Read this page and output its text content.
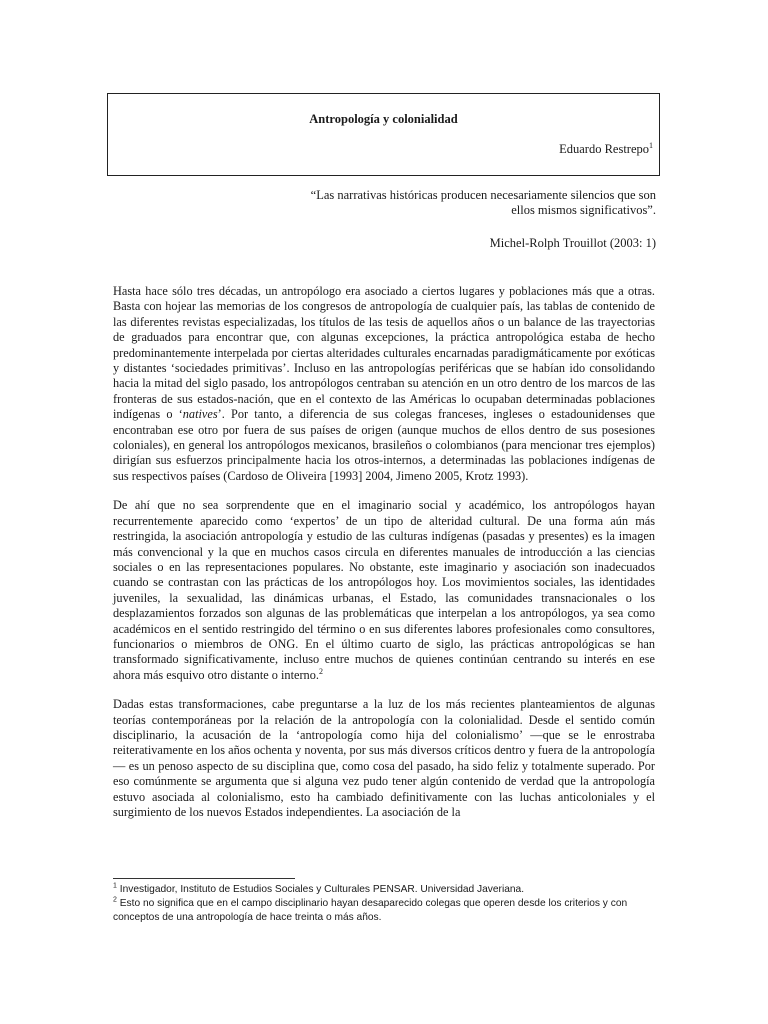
Antropología y colonialidad
Eduardo Restrepo$^1$
“Las narrativas históricas producen necesariamente silencios que son ellos mismos significativos”.
Michel-Rolph Trouillot (2003: 1)

Hasta hace sólo tres décadas, un antropólogo era asociado a ciertos lugares y poblaciones más que a otras. Basta con hojear las memorias de los congresos de antropología de cualquier país, las tablas de contenido de las diferentes revistas especializadas, los títulos de las tesis de aquellos años o un balance de las trayectorias de graduados para encontrar que, con algunas excepciones, la práctica antropológica estaba de hecho predominantemente interpelada por ciertas alteridades culturales encarnadas paradigmáticamente por exóticas y distantes ‘sociedades primitivas’. Incluso en las antropologías periféricas que se habían ido consolidando hacia la mitad del siglo pasado, los antropólogos centraban su atención en un otro dentro de los marcos de las fronteras de sus estados-nación, que en el contexto de las Américas lo ocupaban determinadas poblaciones indígenas o ‘natives’. Por tanto, a diferencia de sus colegas franceses, ingleses o estadounidenses que encontraban ese otro por fuera de sus países de origen (aunque muchos de ellos dentro de sus posesiones coloniales), en general los antropólogos mexicanos, brasileños o colombianos (para mencionar tres ejemplos) dirigían sus esfuerzos principalmente hacia los otros-internos, a determinadas las poblaciones indígenas de sus respectivos países (Cardoso de Oliveira [1993] 2004, Jimeno 2005, Krotz 1993).

De ahí que no sea sorprendente que en el imaginario social y académico, los antropólogos hayan recurrentemente aparecido como ‘expertos’ de un tipo de alteridad cultural. De una forma aún más restringida, la asociación antropología y estudio de las culturas indígenas (pasadas y presentes) es la imagen más convencional y la que en muchos casos circula en diferentes manuales de introducción a las ciencias sociales o en las representaciones populares. No obstante, este imaginario y asociación son inadecuados cuando se contrastan con las prácticas de los antropólogos hoy. Los movimientos sociales, las identidades juveniles, la sexualidad, las dinámicas urbanas, el Estado, las comunidades transnacionales o los desplazamientos forzados son algunas de las problemáticas que interpelan a los antropólogos, ya sea como académicos en el sentido restringido del término o en sus diferentes labores profesionales como consultores, funcionarios o miembros de ONG. En el último cuarto de siglo, las prácticas antropológicas se han transformado significativamente, incluso entre muchos de quienes continúan centrando su interés en ese ahora más esquivo otro distante o interno.$^2$

Dadas estas transformaciones, cabe preguntarse a la luz de los más recientes planteamientos de algunas teorías contemporáneas por la relación de la antropología con la colonialidad. Desde el sentido común disciplinario, la acusación de la ‘antropología como hija del colonialismo’ —que se le enrostraba reiterativamente en los años ochenta y noventa, por sus más diversos críticos dentro y fuera de la antropología— es un penoso aspecto de su disciplina que, como cosa del pasado, ha sido feliz y totalmente superado. Por eso comúnmente se argumenta que si alguna vez pudo tener algún contenido de verdad que la antropología estuvo asociada al colonialismo, esto ha cambiado definitivamente con las luchas anticoloniales y el surgimiento de los nuevos Estados independientes. La asociación de la

$^1$ Investigador, Instituto de Estudios Sociales y Culturales PENSAR. Universidad Javeriana.

$^2$ Esto no significa que en el campo disciplinario hayan desaparecido colegas que operen desde los criterios y con conceptos de una antropología de hace treinta o más años.
